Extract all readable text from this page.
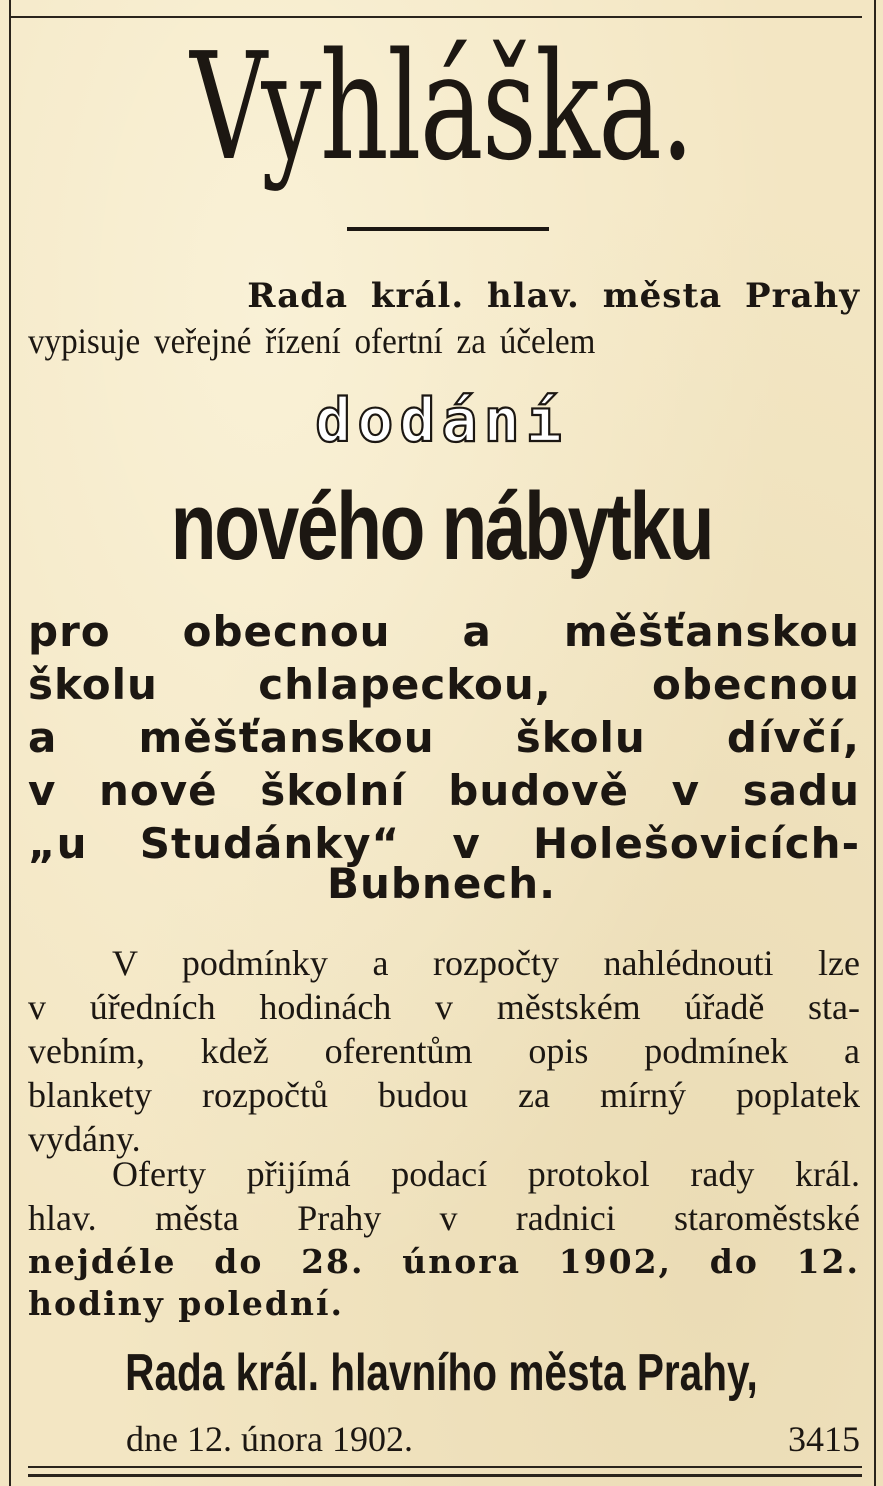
Vyhláška.
Rada král. hlav. města Prahy
vypisuje veřejné řízení ofertní za účelem
dodání
nového nábytku
pro obecnou a měšťanskou
školu chlapeckou, obecnou
a měšťanskou školu dívčí,
v nové školní budově v sadu
„u Studánky“ v Holešovicích-
Bubnech.
V podmínky a rozpočty nahlédnouti lze
v úředních hodinách v městském úřadě sta-
vebním, kdež oferentům opis podmínek a
blankety rozpočtů budou za mírný poplatek
vydány.
Oferty přijímá podací protokol rady král.
hlav. města Prahy v radnici staroměstské
nejdéle do 28. února 1902, do 12.
hodiny polední.
Rada král. hlavního města Prahy,
dne 12. února 1902.	3415
